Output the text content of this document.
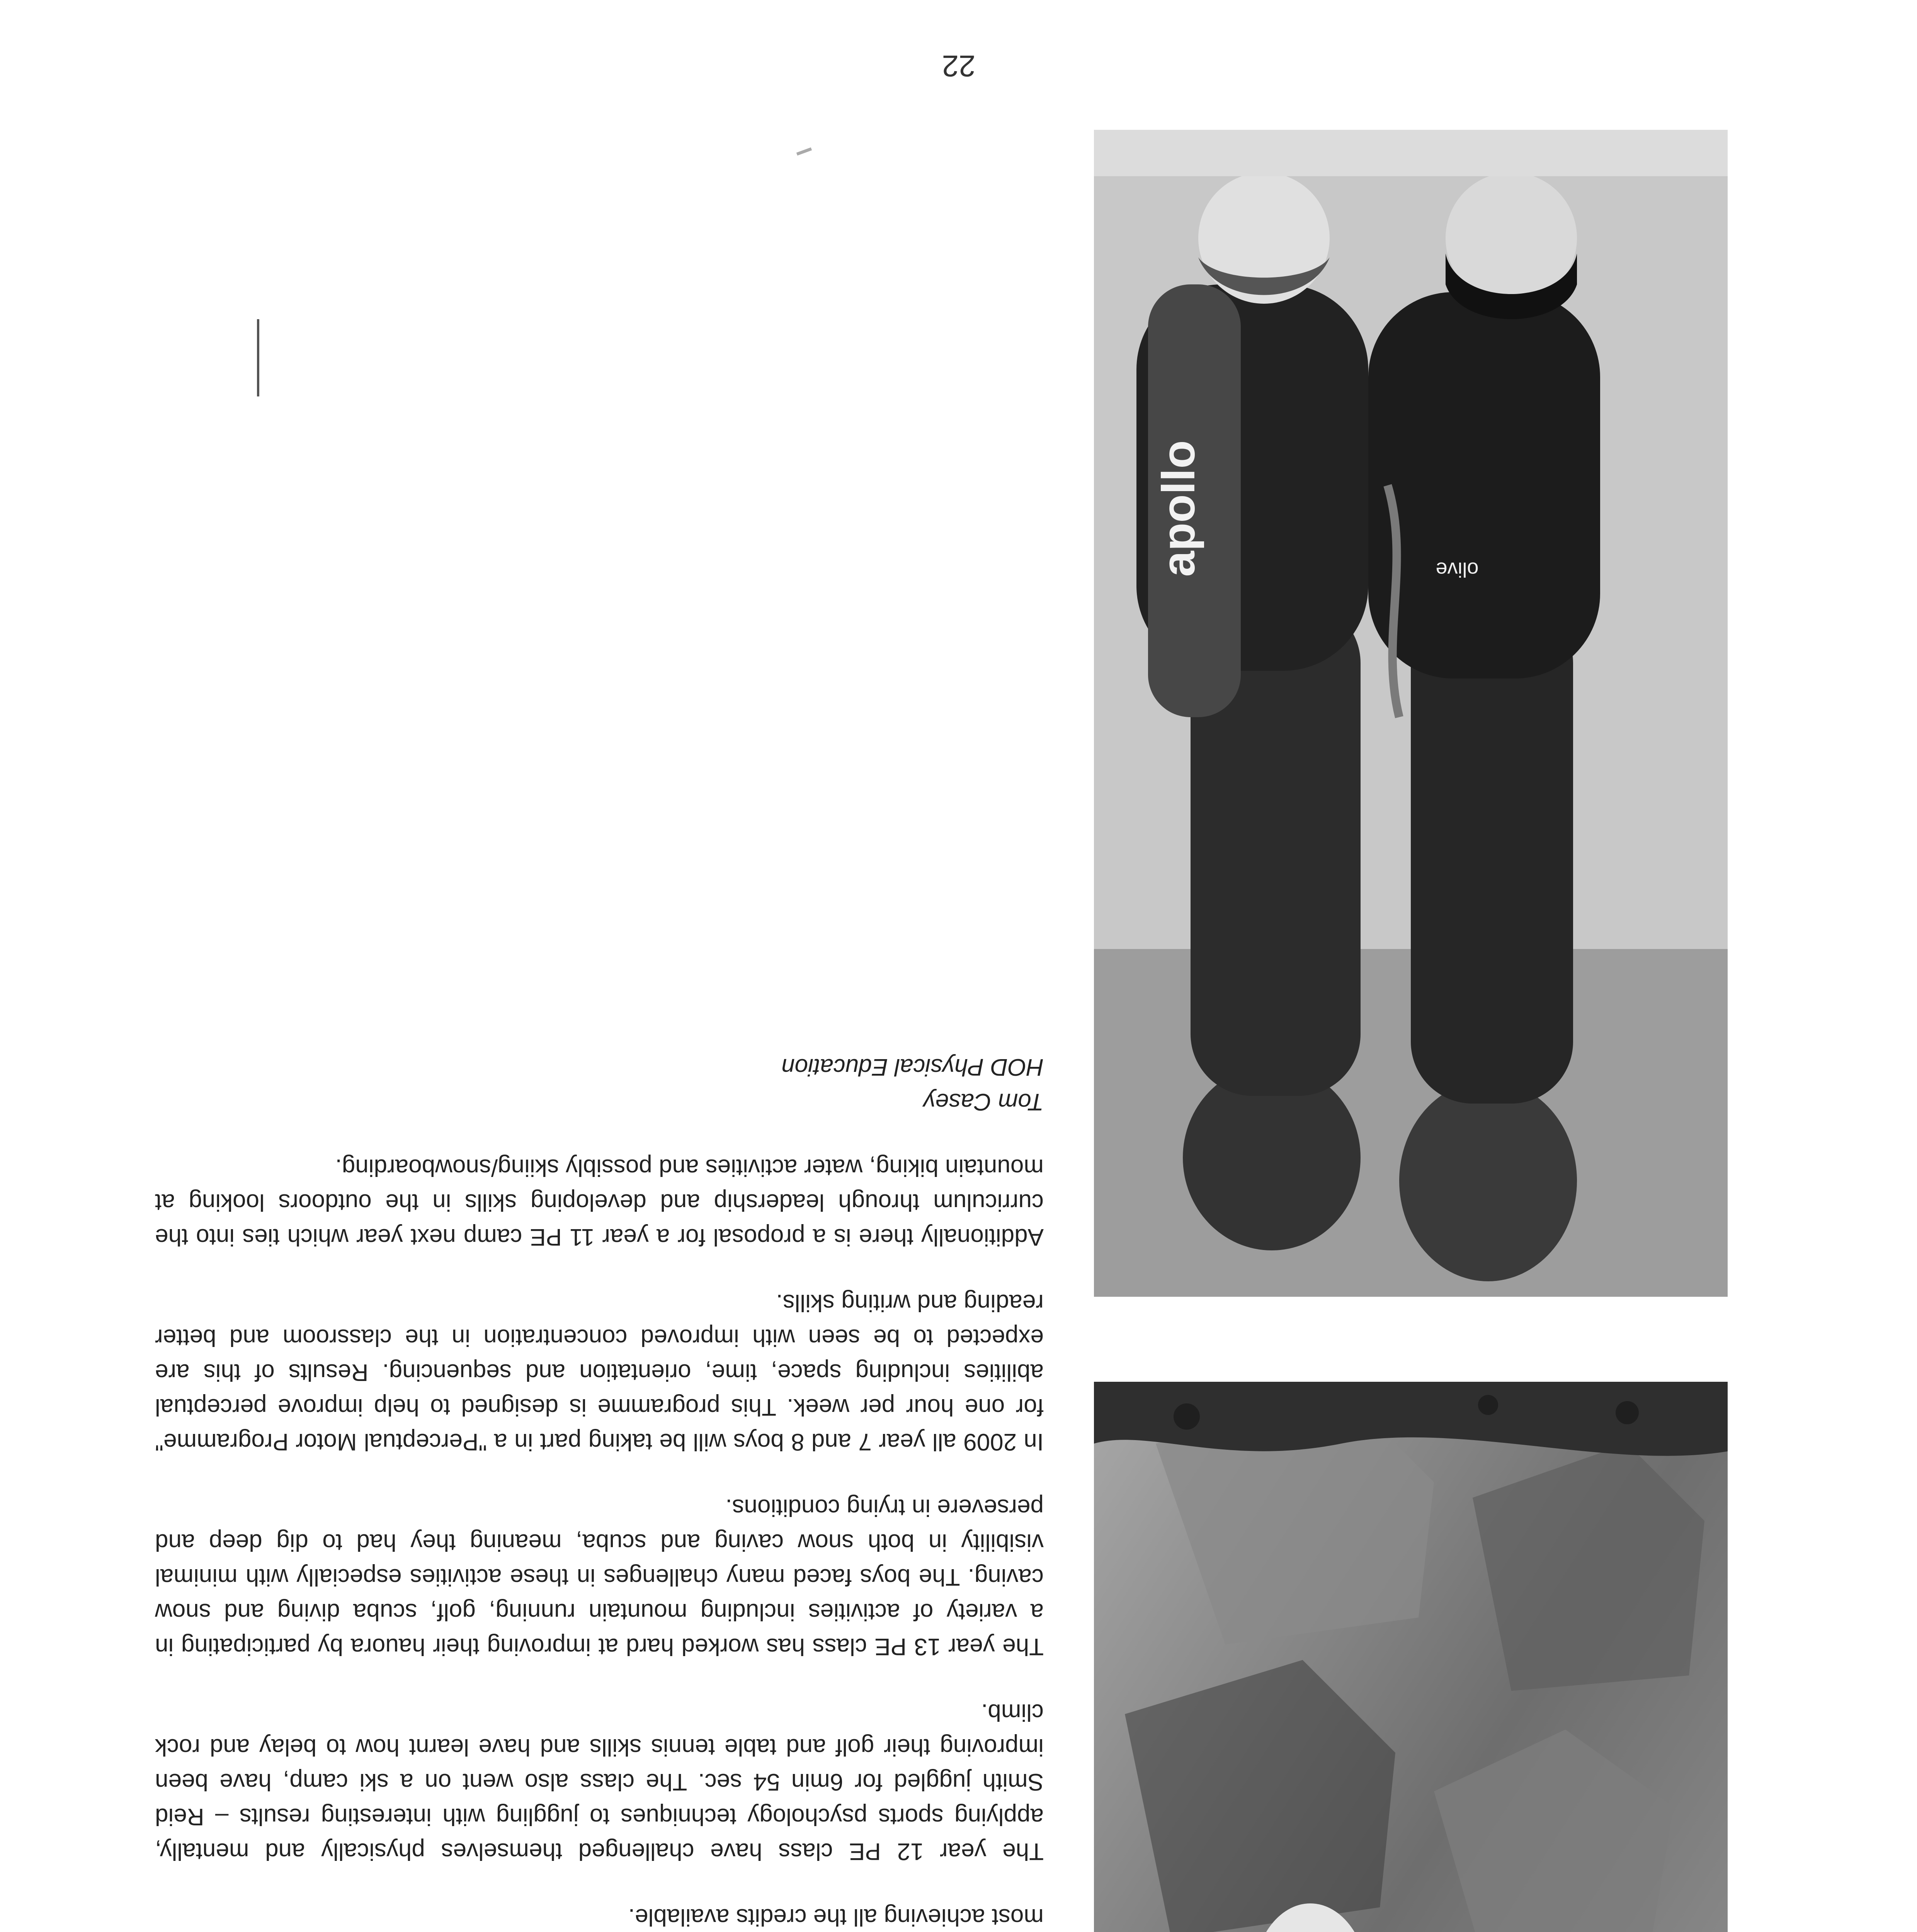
most achieving all the credits available.

The year 12 PE class have challenged themselves physically and mentally, applying sports psychology techniques to juggling with interesting results – Reid Smith juggled for 6min 54 sec. The class also went on a ski camp, have been improving their golf and table tennis skills and have learnt how to belay and rock climb.

The year 13 PE class has worked hard at improving their hauora by participating in a variety of activities including mountain running, golf, scuba diving and snow caving. The boys faced many challenges in these activities especially with minimal visibility in both snow caving and scuba, meaning they had to dig deep and persevere in trying conditions.

In 2009 all year 7 and 8 boys will be taking part in a "Perceptual Motor Programme" for one hour per week. This programme is designed to help improve perceptual abilities including space, time, orientation and sequencing. Results of this are expected to be seen with improved concentration in the classroom and better reading and writing skills.

Additionally there is a proposal for a year 11 PE camp next year which ties into the curriculum through leadership and developing skills in the outdoors looking at mountain biking, water activities and possibly skiing/snowboarding.

Tom Casey
HOD Physical Education
apollo	olive
22
